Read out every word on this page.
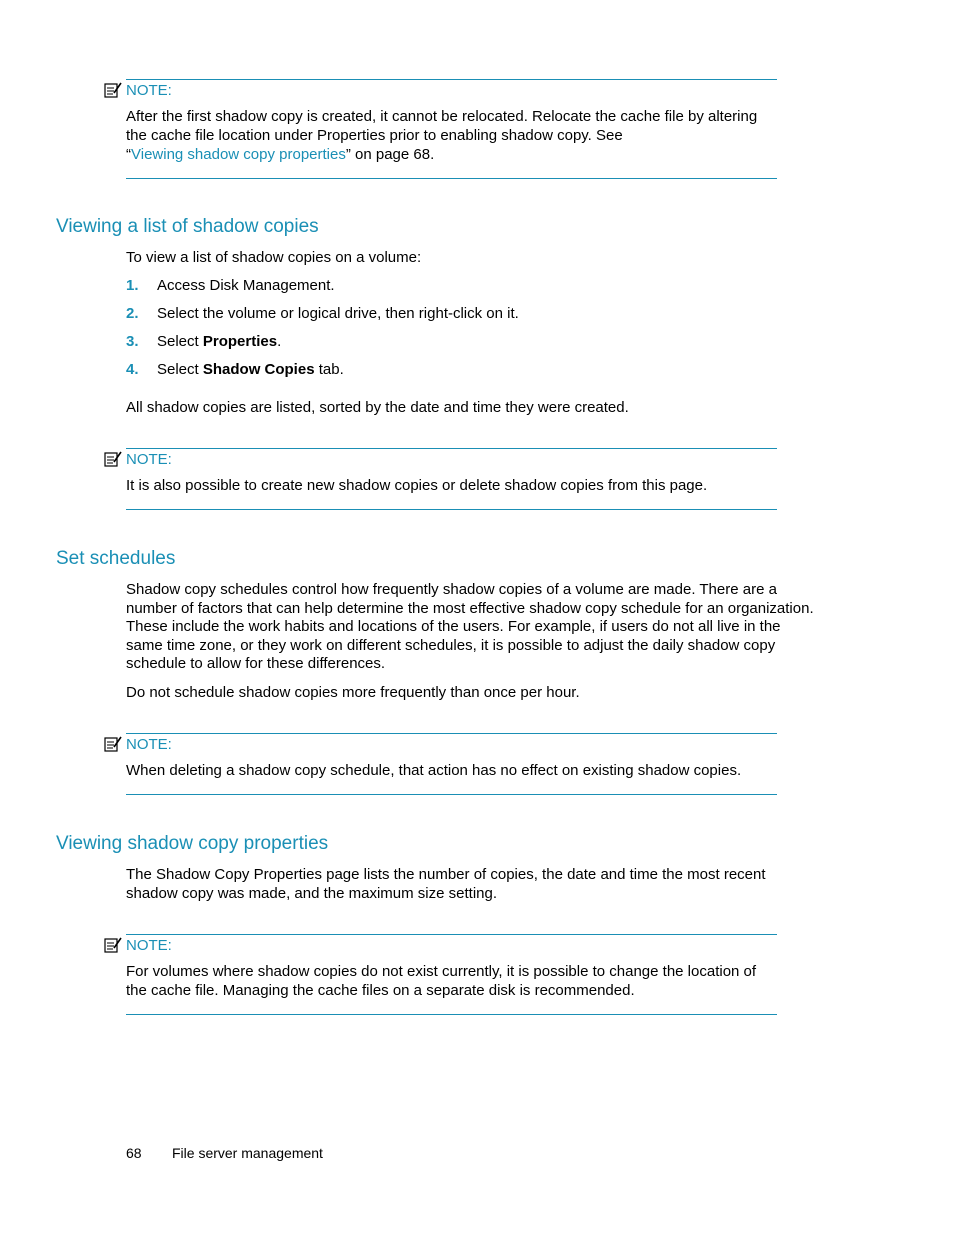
NOTE:
After the first shadow copy is created, it cannot be relocated. Relocate the cache file by altering the cache file location under Properties prior to enabling shadow copy. See
“Viewing shadow copy properties” on page 68.
Viewing a list of shadow copies

To view a list of shadow copies on a volume:

1. Access Disk Management.
2. Select the volume or logical drive, then right-click on it.
3. Select Properties.
4. Select Shadow Copies tab.

All shadow copies are listed, sorted by the date and time they were created.

NOTE:
It is also possible to create new shadow copies or delete shadow copies from this page.
Set schedules

Shadow copy schedules control how frequently shadow copies of a volume are made. There are a number of factors that can help determine the most effective shadow copy schedule for an organization. These include the work habits and locations of the users. For example, if users do not all live in the same time zone, or they work on different schedules, it is possible to adjust the daily shadow copy schedule to allow for these differences.

Do not schedule shadow copies more frequently than once per hour.

NOTE:
When deleting a shadow copy schedule, that action has no effect on existing shadow copies.
Viewing shadow copy properties

The Shadow Copy Properties page lists the number of copies, the date and time the most recent shadow copy was made, and the maximum size setting.

NOTE:
For volumes where shadow copies do not exist currently, it is possible to change the location of the cache file. Managing the cache files on a separate disk is recommended.
68 File server management
